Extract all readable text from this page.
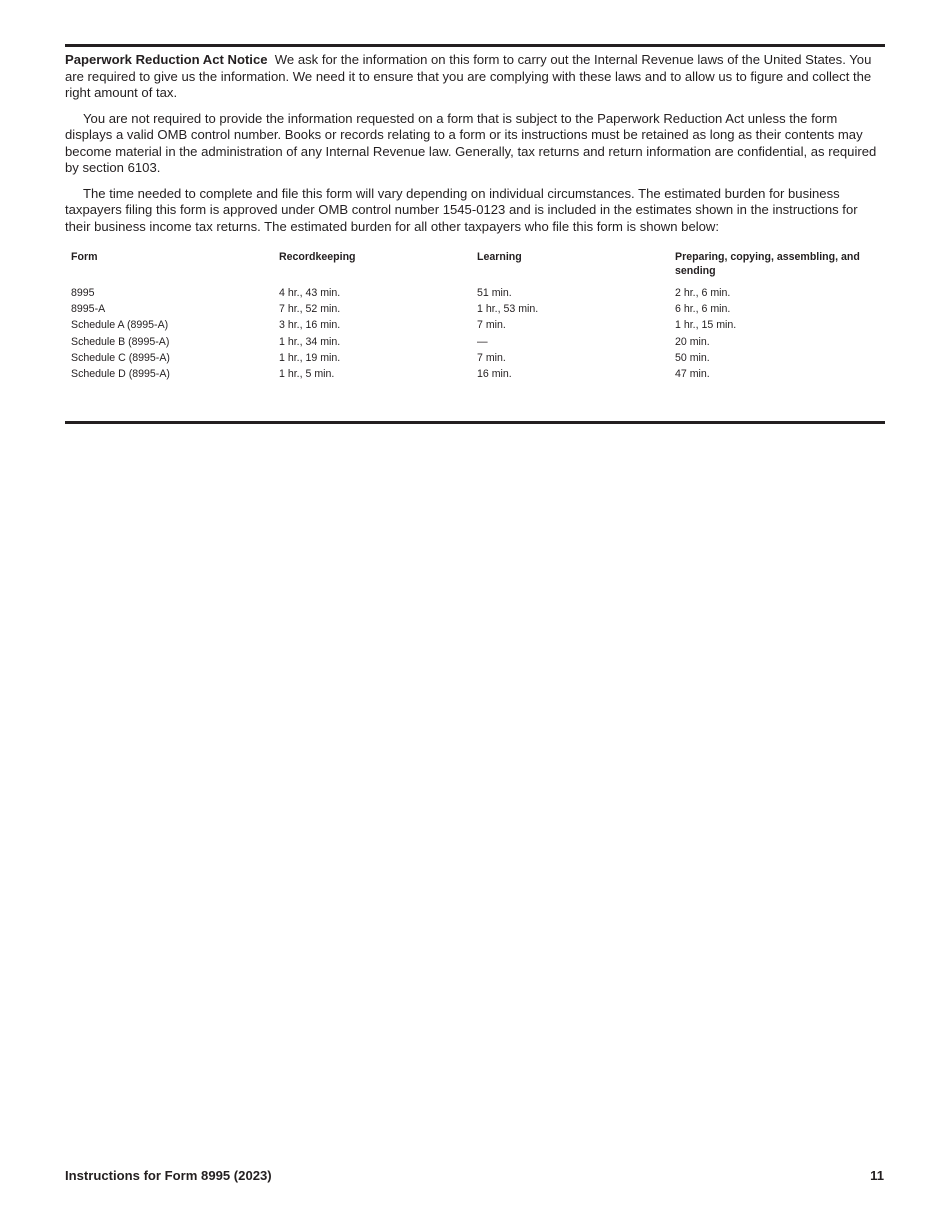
Paperwork Reduction Act Notice We ask for the information on this form to carry out the Internal Revenue laws of the United States. You are required to give us the information. We need it to ensure that you are complying with these laws and to allow us to figure and collect the right amount of tax.

You are not required to provide the information requested on a form that is subject to the Paperwork Reduction Act unless the form displays a valid OMB control number. Books or records relating to a form or its instructions must be retained as long as their contents may become material in the administration of any Internal Revenue law. Generally, tax returns and return information are confidential, as required by section 6103.

The time needed to complete and file this form will vary depending on individual circumstances. The estimated burden for business taxpayers filing this form is approved under OMB control number 1545-0123 and is included in the estimates shown in the instructions for their business income tax returns. The estimated burden for all other taxpayers who file this form is shown below:

Form	Recordkeeping	Learning	Preparing, copying, assembling, and sending
8995	4 hr., 43 min.	51 min.	2 hr., 6 min.
8995-A	7 hr., 52 min.	1 hr., 53 min.	6 hr., 6 min.
Schedule A (8995-A)	3 hr., 16 min.	7 min.	1 hr., 15 min.
Schedule B (8995-A)	1 hr., 34 min.	—	20 min.
Schedule C (8995-A)	1 hr., 19 min.	7 min.	50 min.
Schedule D (8995-A)	1 hr., 5 min.	16 min.	47 min.
Instructions for Form 8995 (2023)	11
